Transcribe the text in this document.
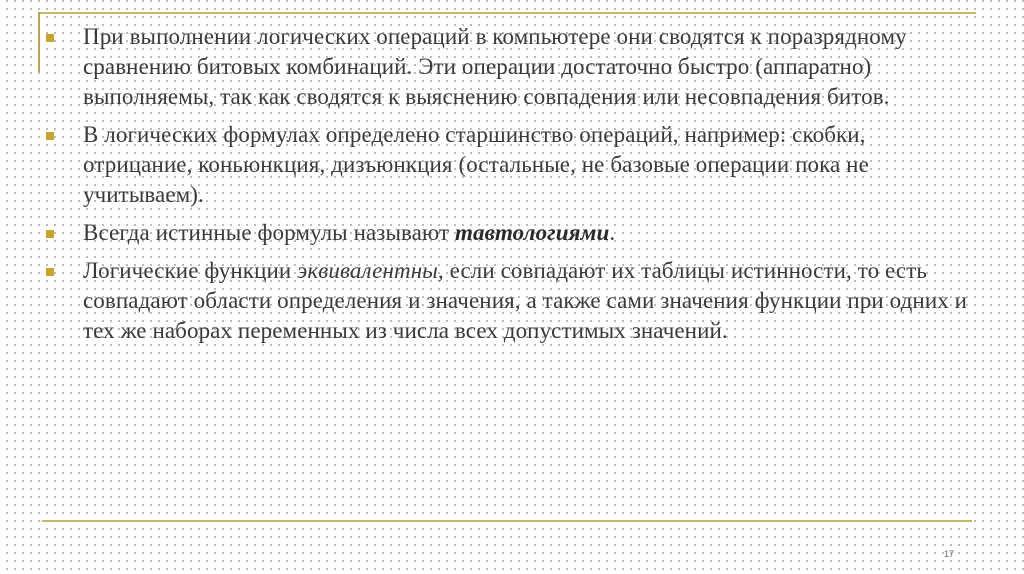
При выполнении логических операций в компьютере они сводятся к поразрядному сравнению битовых комбинаций. Эти операции достаточно быстро (аппаратно) выполняемы, так как сводятся к выяснению совпадения или несовпадения битов.
В логических формулах определено старшинство операций, например: скобки, отрицание, коньюнкция, дизъюнкция (остальные, не базовые операции пока не учитываем).
Всегда истинные формулы называют тавтологиями.
Логические функции эквивалентны, если совпадают их таблицы истинности, то есть совпадают области определения и значения, а также сами значения функции при одних и тех же наборах переменных из числа всех допустимых значений.
17
